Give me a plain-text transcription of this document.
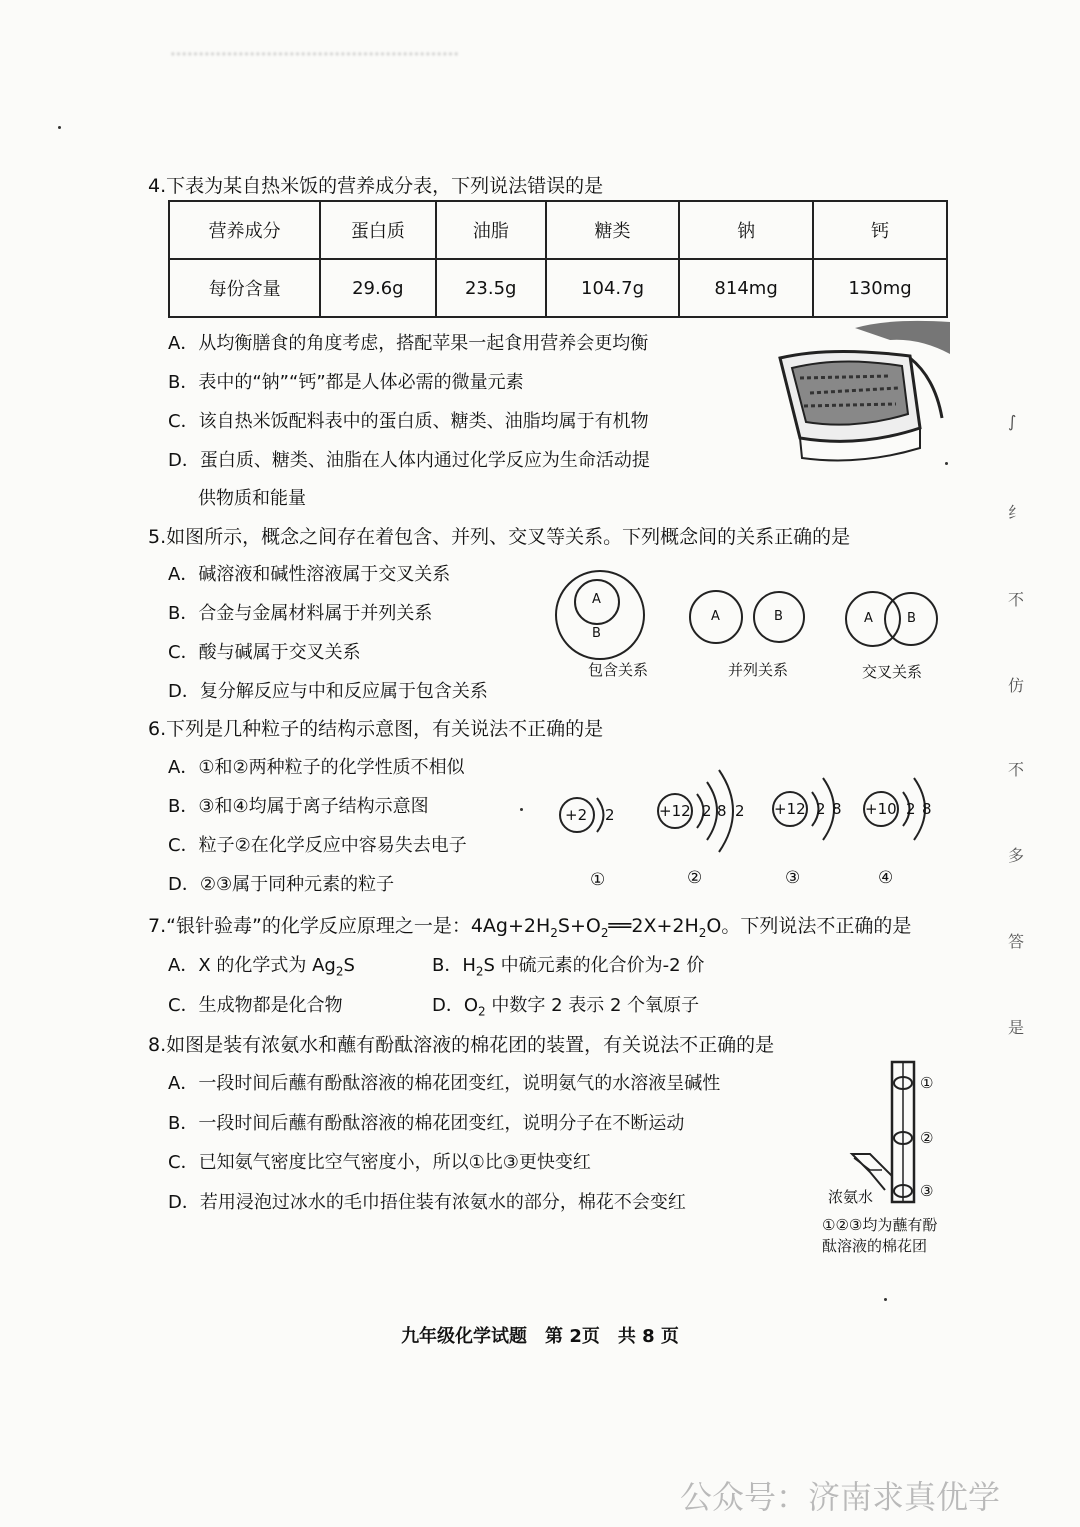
……………………………………………
4.下表为某自热米饭的营养成分表，下列说法错误的是
营养成分	蛋白质	油脂	糖类	钠	钙
每份含量	29.6g	23.5g	104.7g	814mg	130mg
A．从均衡膳食的角度考虑，搭配苹果一起食用营养会更均衡
B．表中的“钠”“钙”都是人体必需的微量元素
C．该自热米饭配料表中的蛋白质、糖类、油脂均属于有机物
D．蛋白质、糖类、油脂在人体内通过化学反应为生命活动提
供物质和能量
5.如图所示，概念之间存在着包含、并列、交叉等关系。下列概念间的关系正确的是
A．碱溶液和碱性溶液属于交叉关系
B．合金与金属材料属于并列关系
C．酸与碱属于交叉关系
D．复分解反应与中和反应属于包含关系
A
B
A	B	A	B
包含关系	并列关系	交叉关系
6.下列是几种粒子的结构示意图，有关说法不正确的是
A．①和②两种粒子的化学性质不相似
B．③和④均属于离子结构示意图
C．粒子②在化学反应中容易失去电子
D．②③属于同种元素的粒子
+2 2	+12 2 8 2 +12 2 8 +10 2 8
①	②	③	④
7.“银针验毒”的化学反应原理之一是：$4Ag+2H_2S+O_2══2X+2H_2O$。下列说法不正确的是
A．X 的化学式为 $Ag_2S$	B．$H_2S$ 中硫元素的化合价为-2 价
C．生成物都是化合物	D．$O_2$ 中数字 2 表示 2 个氧原子
8.如图是装有浓氨水和蘸有酚酞溶液的棉花团的装置，有关说法不正确的是
A．一段时间后蘸有酚酞溶液的棉花团变红，说明氨气的水溶液呈碱性
B．一段时间后蘸有酚酞溶液的棉花团变红，说明分子在不断运动
C．已知氨气密度比空气密度小，所以①比③更快变红
D．若用浸泡过冰水的毛巾捂住装有浓氨水的部分，棉花不会变红
①
②
③
浓氨水
①②③均为蘸有酚
酞溶液的棉花团
∫
纟
不
仿
不
多
答
是
九年级化学试题　第 2页　共 8 页
公众号：济南求真优学
